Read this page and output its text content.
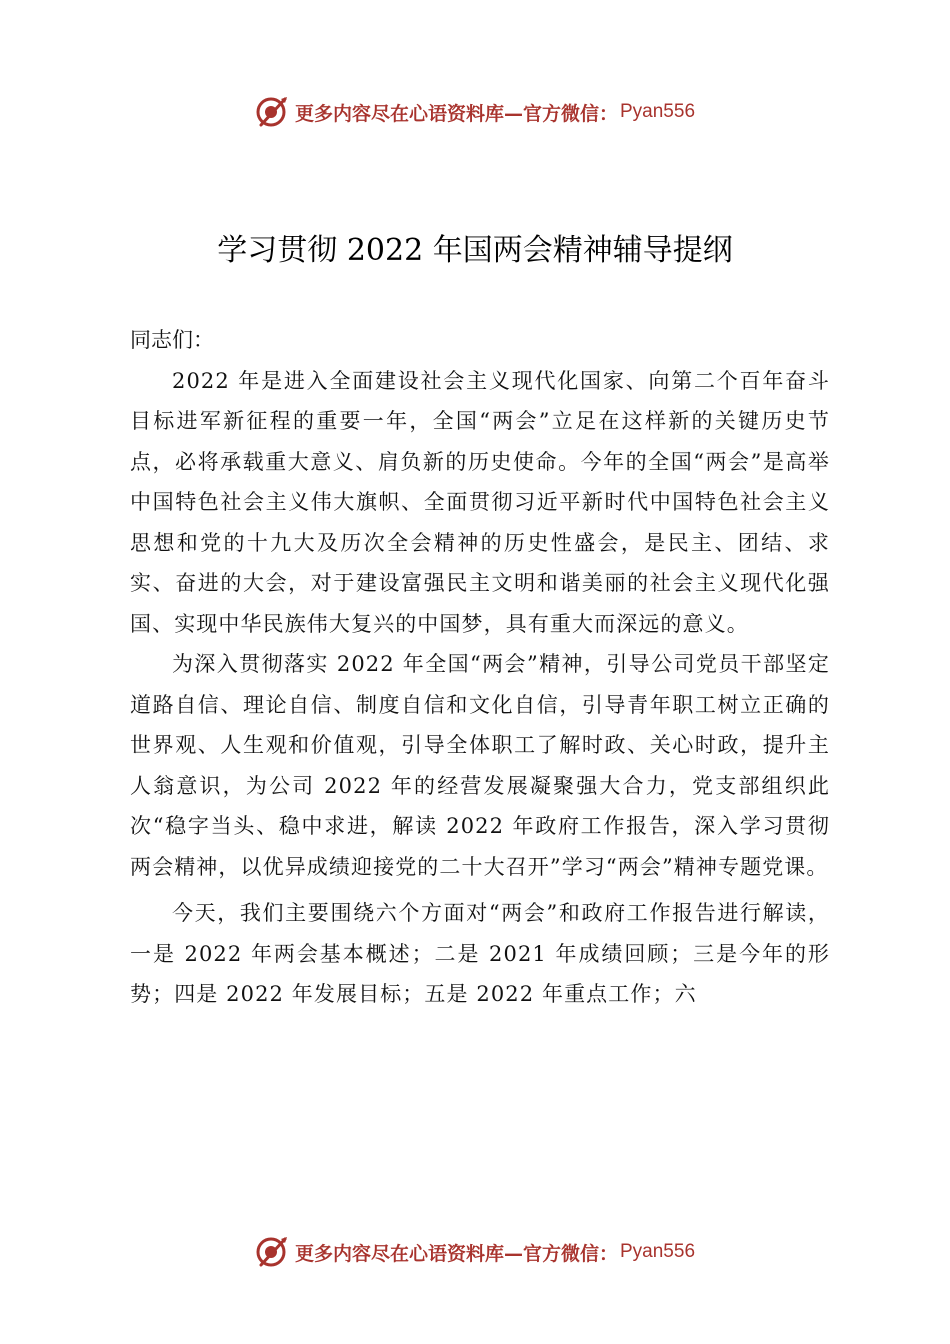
更多内容尽在心语资料库—官方微信： Pyan556
学习贯彻 2022 年国两会精神辅导提纲

同志们：

2022 年是进入全面建设社会主义现代化国家、向第二个百年奋斗目标进军新征程的重要一年，全国“两会”立足在这样新的关键历史节点，必将承载重大意义、肩负新的历史使命。今年的全国“两会”是高举中国特色社会主义伟大旗帜、全面贯彻习近平新时代中国特色社会主义思想和党的十九大及历次全会精神的历史性盛会，是民主、团结、求实、奋进的大会，对于建设富强民主文明和谐美丽的社会主义现代化强国、实现中华民族伟大复兴的中国梦，具有重大而深远的意义。

为深入贯彻落实 2022 年全国“两会”精神，引导公司党员干部坚定道路自信、理论自信、制度自信和文化自信，引导青年职工树立正确的世界观、人生观和价值观，引导全体职工了解时政、关心时政，提升主人翁意识，为公司 2022 年的经营发展凝聚强大合力，党支部组织此次“稳字当头、稳中求进，解读 2022 年政府工作报告，深入学习贯彻两会精神，以优异成绩迎接党的二十大召开”学习“两会”精神专题党课。

今天，我们主要围绕六个方面对“两会”和政府工作报告进行解读，一是 2022 年两会基本概述；二是 2021 年成绩回顾；三是今年的形势；四是 2022 年发展目标；五是 2022 年重点工作；六

更多内容尽在心语资料库—官方微信： Pyan556
